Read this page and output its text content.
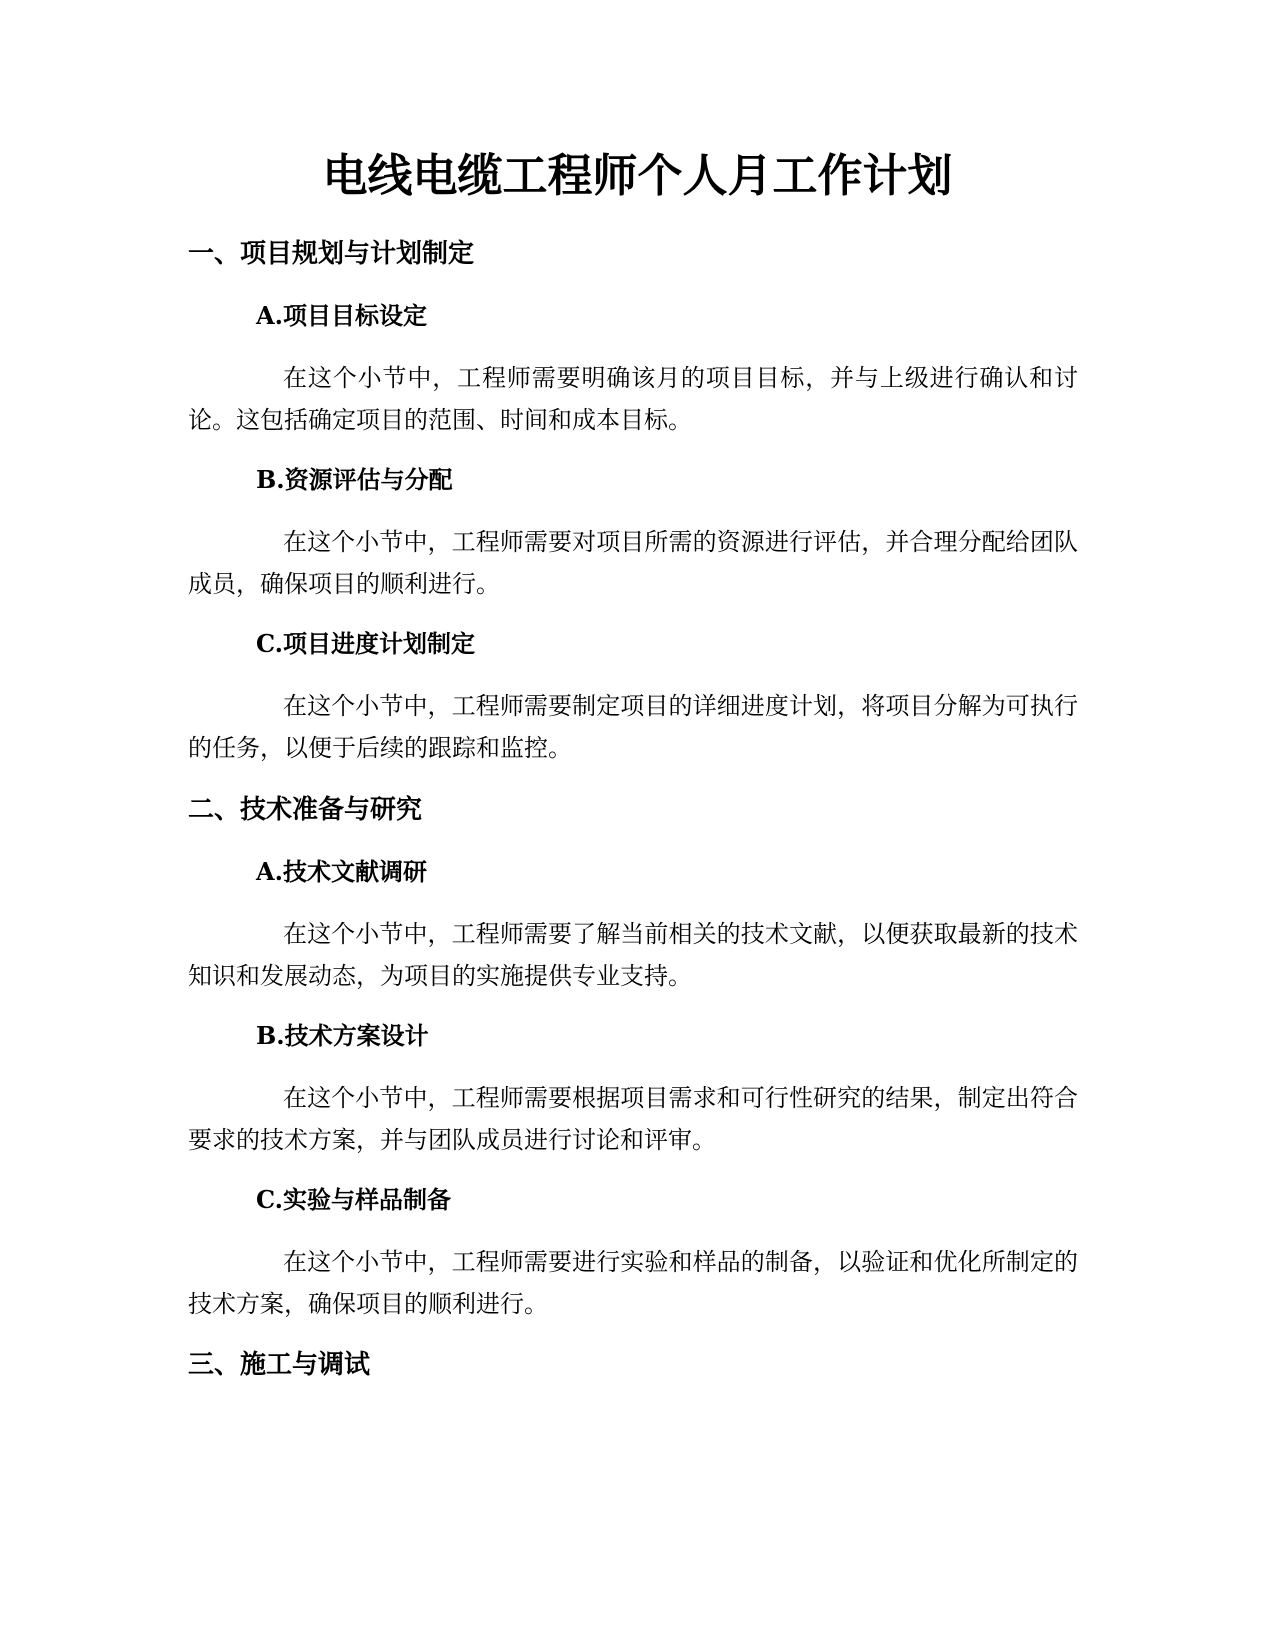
电线电缆工程师个人月工作计划
一、项目规划与计划制定
A.项目目标设定

在这个小节中，工程师需要明确该月的项目目标，并与上级进行确认和讨论。这包括确定项目的范围、时间和成本目标。

B.资源评估与分配

在这个小节中，工程师需要对项目所需的资源进行评估，并合理分配给团队成员，确保项目的顺利进行。

C.项目进度计划制定

在这个小节中，工程师需要制定项目的详细进度计划，将项目分解为可执行的任务，以便于后续的跟踪和监控。

二、技术准备与研究
A.技术文献调研

在这个小节中，工程师需要了解当前相关的技术文献，以便获取最新的技术知识和发展动态，为项目的实施提供专业支持。

B.技术方案设计

在这个小节中，工程师需要根据项目需求和可行性研究的结果，制定出符合要求的技术方案，并与团队成员进行讨论和评审。

C.实验与样品制备

在这个小节中，工程师需要进行实验和样品的制备，以验证和优化所制定的技术方案，确保项目的顺利进行。

三、施工与调试
